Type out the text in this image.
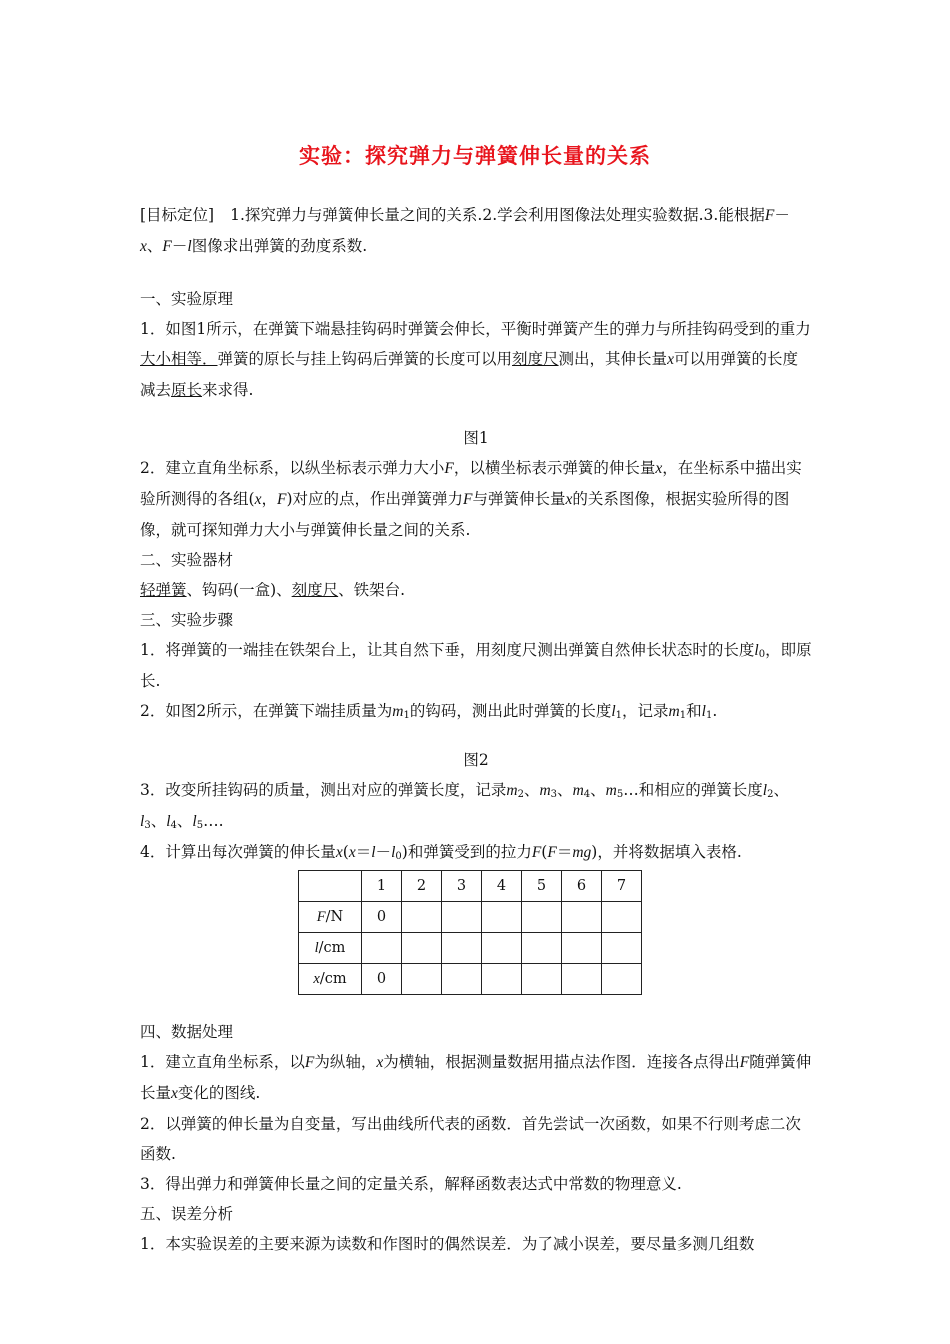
实验：探究弹力与弹簧伸长量的关系

[目标定位] 1.探究弹力与弹簧伸长量之间的关系.2.学会利用图像法处理实验数据.3.能根据F－x、F－l图像求出弹簧的劲度系数.

一、实验原理

1．如图1所示，在弹簧下端悬挂钩码时弹簧会伸长，平衡时弹簧产生的弹力与所挂钩码受到的重力大小相等．弹簧的原长与挂上钩码后弹簧的长度可以用刻度尺测出，其伸长量x可以用弹簧的长度减去原长来求得.

图1

2．建立直角坐标系，以纵坐标表示弹力大小F，以横坐标表示弹簧的伸长量x，在坐标系中描出实验所测得的各组(x，F)对应的点，作出弹簧弹力F与弹簧伸长量x的关系图像，根据实验所得的图像，就可探知弹力大小与弹簧伸长量之间的关系.

二、实验器材

轻弹簧、钩码(一盒)、刻度尺、铁架台.

三、实验步骤

1．将弹簧的一端挂在铁架台上，让其自然下垂，用刻度尺测出弹簧自然伸长状态时的长度$l_0$，即原长.

2．如图2所示，在弹簧下端挂质量为$m_1$的钩码，测出此时弹簧的长度$l_1$，记录$m_1$和$l_1$.

图2

3．改变所挂钩码的质量，测出对应的弹簧长度，记录$m_2$、$m_3$、$m_4$、$m_5\dots$和相应的弹簧长度$l_2$、$l_3$、$l_4$、$l_5\dots$.

4．计算出每次弹簧的伸长量$x(x=l-l_0)$和弹簧受到的拉力F(F＝mg)，并将数据填入表格.

	1	2	3	4	5	6	7
F/N	0						
l/cm							
x/cm	0						

四、数据处理

1．建立直角坐标系，以F为纵轴，x为横轴，根据测量数据用描点法作图．连接各点得出F随弹簧伸长量x变化的图线.

2．以弹簧的伸长量为自变量，写出曲线所代表的函数．首先尝试一次函数，如果不行则考虑二次函数.

3．得出弹力和弹簧伸长量之间的定量关系，解释函数表达式中常数的物理意义.

五、误差分析

1．本实验误差的主要来源为读数和作图时的偶然误差．为了减小误差，要尽量多测几组数
